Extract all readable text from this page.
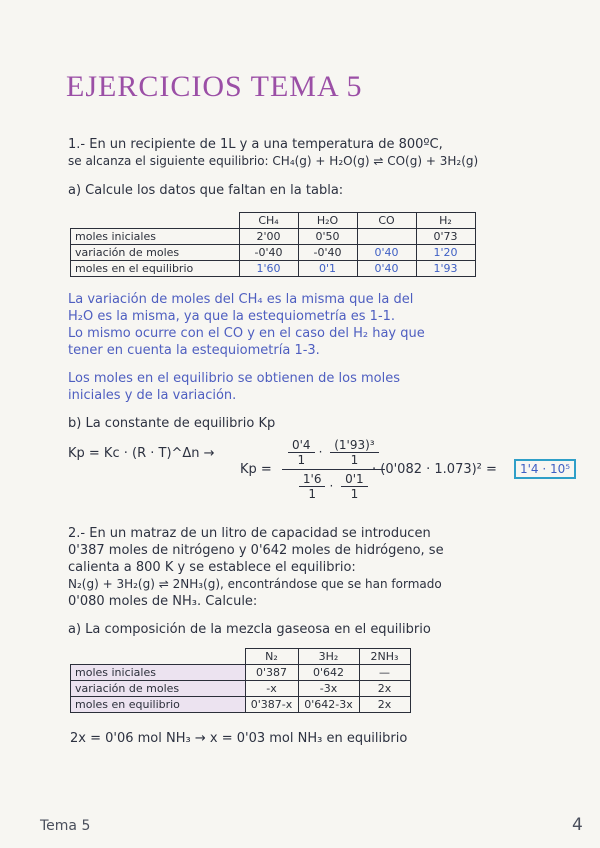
EJERCICIOS TEMA 5
1.- En un recipiente de 1L y a una temperatura de 800ºC,
se alcanza el siguiente equilibrio: CH₄(g) + H₂O(g) ⇌ CO(g) + 3H₂(g)
a) Calcule los datos que faltan en la tabla:
	CH₄	H₂O	CO	H₂
moles iniciales	2'00	0'50		0'73
variación de moles	-0'40	-0'40	0'40	1'20
moles en el equilibrio	1'60	0'1	0'40	1'93
La variación de moles del CH₄ es la misma que la del
H₂O es la misma, ya que la estequiometría es 1-1.
Lo mismo ocurre con el CO y en el caso del H₂ hay que
tener en cuenta la estequiometría 1-3.
Los moles en el equilibrio se obtienen de los moles
iniciales y de la variación.
b) La constante de equilibrio Kp
Kp = Kc · (R · T)^Δn →
Kp =
$\frac{0'4}{1} \cdot \frac{\text{(1'93)³}}{1}$
$\frac{1'6}{1} \cdot \frac{0'1}{1}$
· (0'082 · 1.073)² =	1'4 · 10⁵
2.- En un matraz de un litro de capacidad se introducen
0'387 moles de nitrógeno y 0'642 moles de hidrógeno, se
calienta a 800 K y se establece el equilibrio:
N₂(g) + 3H₂(g) ⇌ 2NH₃(g), encontrándose que se han formado
0'080 moles de NH₃. Calcule:
a) La composición de la mezcla gaseosa en el equilibrio
	N₂	3H₂	2NH₃
moles iniciales	0'387	0'642	—
variación de moles	-x	-3x	2x
moles en equilibrio	0'387-x	0'642-3x	2x
2x = 0'06 mol NH₃ → x = 0'03 mol NH₃ en equilibrio
Tema 5	4
